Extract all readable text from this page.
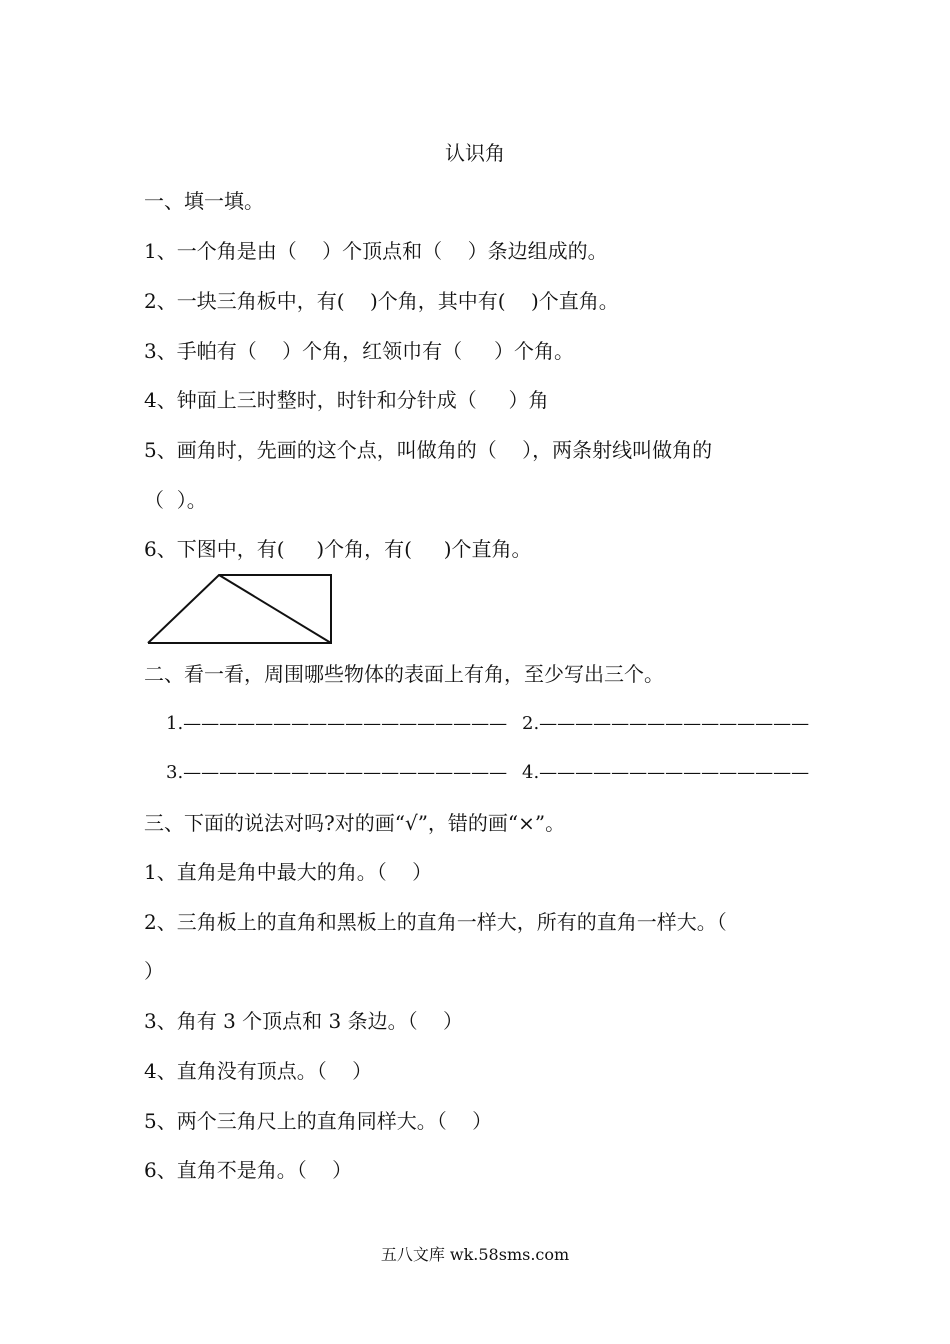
认识角
一、填一填。
1、一个角是由（    ）个顶点和（    ）条边组成的。
2、一块三角板中，有(    )个角，其中有(    )个直角。
3、手帕有（    ）个角，红领巾有（     ）个角。
4、钟面上三时整时，时针和分针成（     ）角
5、画角时，先画的这个点，叫做角的（    ），两条射线叫做角的
（  ）。
6、下图中，有(     )个角，有(     )个直角。
二、看一看，周围哪些物体的表面上有角，至少写出三个。
1.—————————————————— 2.———————————————
3.—————————————————— 4.———————————————
三、下面的说法对吗?对的画“√”，错的画“×”。
1、直角是角中最大的角。（    ）
2、三角板上的直角和黑板上的直角一样大，所有的直角一样大。（
）
3、角有 3 个顶点和 3 条边。（    ）
4、直角没有顶点。（    ）
5、两个三角尺上的直角同样大。（    ）
6、直角不是角。（    ）
五八文库 wk.58sms.com
